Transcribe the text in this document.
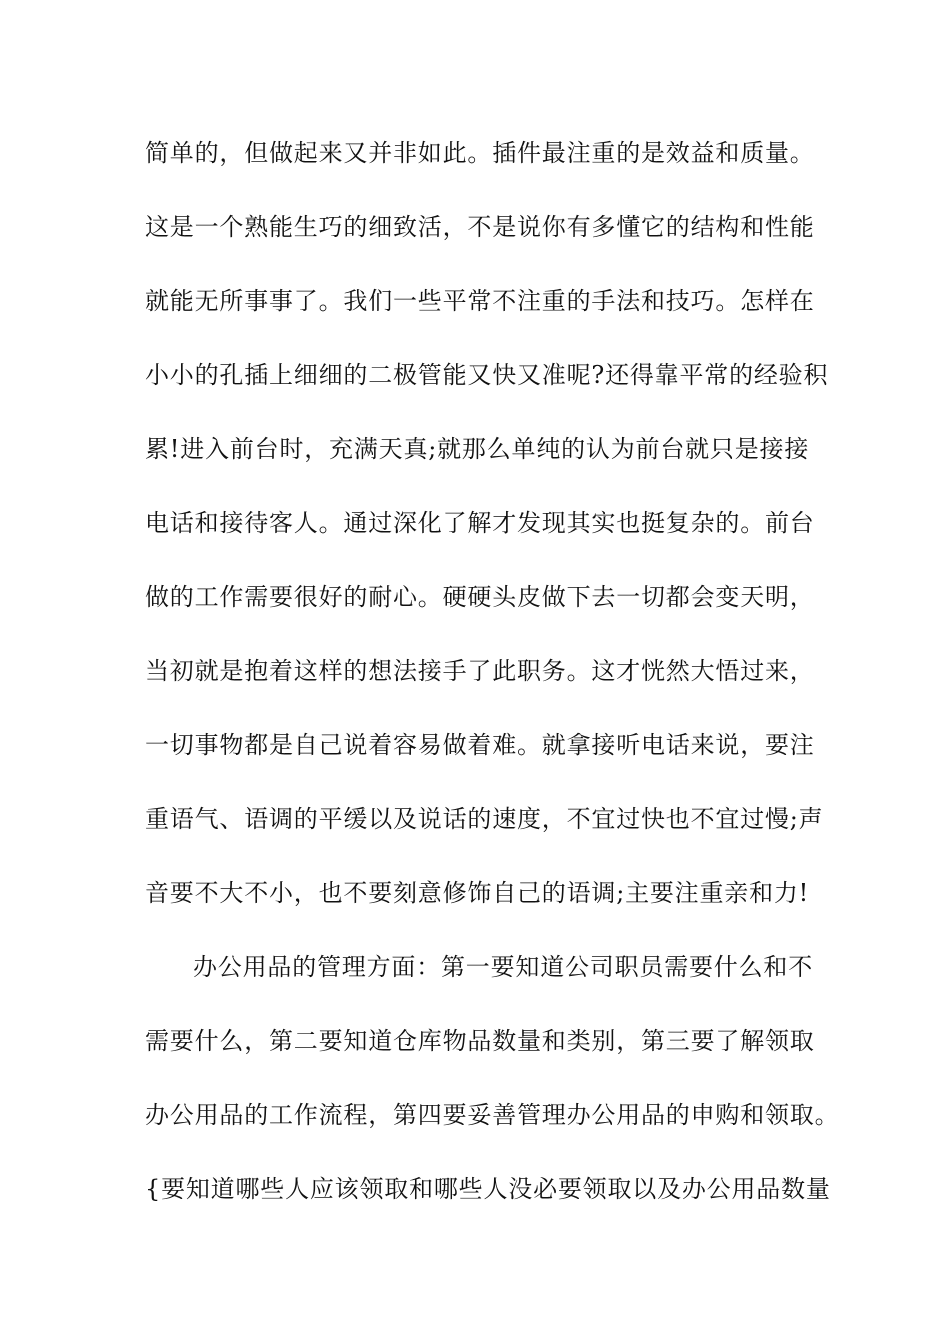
简单的，但做起来又并非如此。插件最注重的是效益和质量。
这是一个熟能生巧的细致活，不是说你有多懂它的结构和性能
就能无所事事了。我们一些平常不注重的手法和技巧。怎样在
小小的孔插上细细的二极管能又快又准呢?还得靠平常的经验积
累!进入前台时，充满天真;就那么单纯的认为前台就只是接接
电话和接待客人。通过深化了解才发现其实也挺复杂的。前台
做的工作需要很好的耐心。硬硬头皮做下去一切都会变天明，
当初就是抱着这样的想法接手了此职务。这才恍然大悟过来，
一切事物都是自己说着容易做着难。就拿接听电话来说，要注
重语气、语调的平缓以及说话的速度，不宜过快也不宜过慢;声
音要不大不小，也不要刻意修饰自己的语调;主要注重亲和力!
办公用品的管理方面：第一要知道公司职员需要什么和不
需要什么，第二要知道仓库物品数量和类别，第三要了解领取
办公用品的工作流程，第四要妥善管理办公用品的申购和领取。
{要知道哪些人应该领取和哪些人没必要领取以及办公用品数量
